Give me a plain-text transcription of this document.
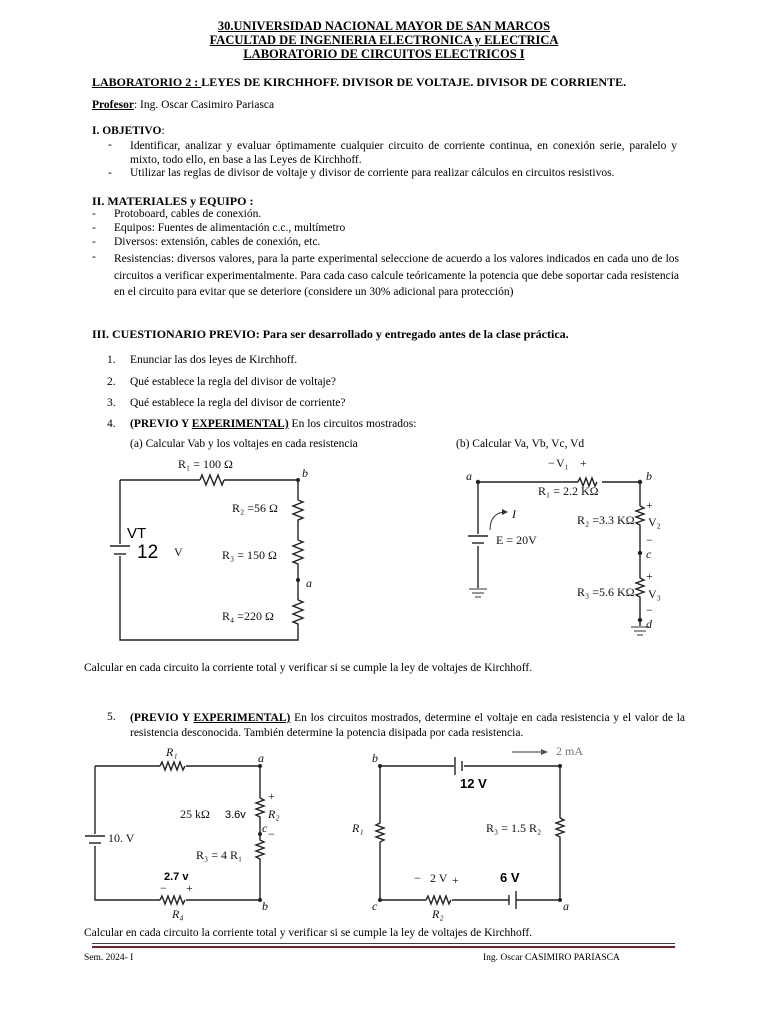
30.UNIVERSIDAD NACIONAL MAYOR DE SAN MARCOS
FACULTAD DE INGENIERIA ELECTRONICA y ELECTRICA
LABORATORIO DE CIRCUITOS ELECTRICOS I
LABORATORIO 2 : LEYES DE KIRCHHOFF. DIVISOR DE VOLTAJE. DIVISOR DE CORRIENTE.
Profesor: Ing. Oscar Casimiro Pariasca
I. OBJETIVO:
- Identificar, analizar y evaluar óptimamente cualquier circuito de corriente continua, en conexión serie, paralelo y mixto, todo ello, en base a las Leyes de Kirchhoff.
- Utilizar las reglas de divisor de voltaje y divisor de corriente para realizar cálculos en circuitos resistivos.
II. MATERIALES y EQUIPO :
- Protoboard, cables de conexión.
- Equipos: Fuentes de alimentación c.c., multímetro
- Diversos: extensión, cables de conexión, etc.
- Resistencias: diversos valores, para la parte experimental seleccione de acuerdo a los valores indicados en cada uno de los circuitos a verificar experimentalmente. Para cada caso calcule teóricamente la potencia que debe soportar cada resistencia en el circuito para evitar que se deteriore (considere un 30% adicional para protección)
III. CUESTIONARIO PREVIO: Para ser desarrollado y entregado antes de la clase práctica.
1. Enunciar las dos leyes de Kirchhoff.
2. Qué establece la regla del divisor de voltaje?
3. Qué establece la regla del divisor de corriente?
4. (PREVIO Y EXPERIMENTAL) En los circuitos mostrados:
(a) Calcular Vab y los voltajes en cada resistencia	(b) Calcular Va, Vb, Vc, Vd
b
a
R₁ = 100 Ω
R₂ =56 Ω
R₃ = 150 Ω
R₄ =220 Ω
VT
12 V
a	b
c
d
− V₁ +
R₁ = 2.2 KΩ
R₂ =3.3 KΩ
R₃ =5.6 KΩ
+
V₂
−
+
V₃
−
E = 20V
I
Calcular en cada circuito la corriente total y verificar si se cumple la ley de voltajes de Kirchhoff.
5. (PREVIO Y EXPERIMENTAL) En los circuitos mostrados, determine el voltaje en cada resistencia y el valor de la resistencia desconocida. También determine la potencia disipada por cada resistencia.
R₁	a
25 kΩ 3.6v R₂
+
−
c
R₃ = 4 R₁
10. V
2.7 v
− +
R₄
b
2 mA
b
c	a
12 V
R₁	R₃ = 1.5 R₂
− 2 V +	6 V
R₂
Calcular en cada circuito la corriente total y verificar si se cumple la ley de voltajes de Kirchhoff.
Sem. 2024- I	Ing. Oscar CASIMIRO PARIASCA
